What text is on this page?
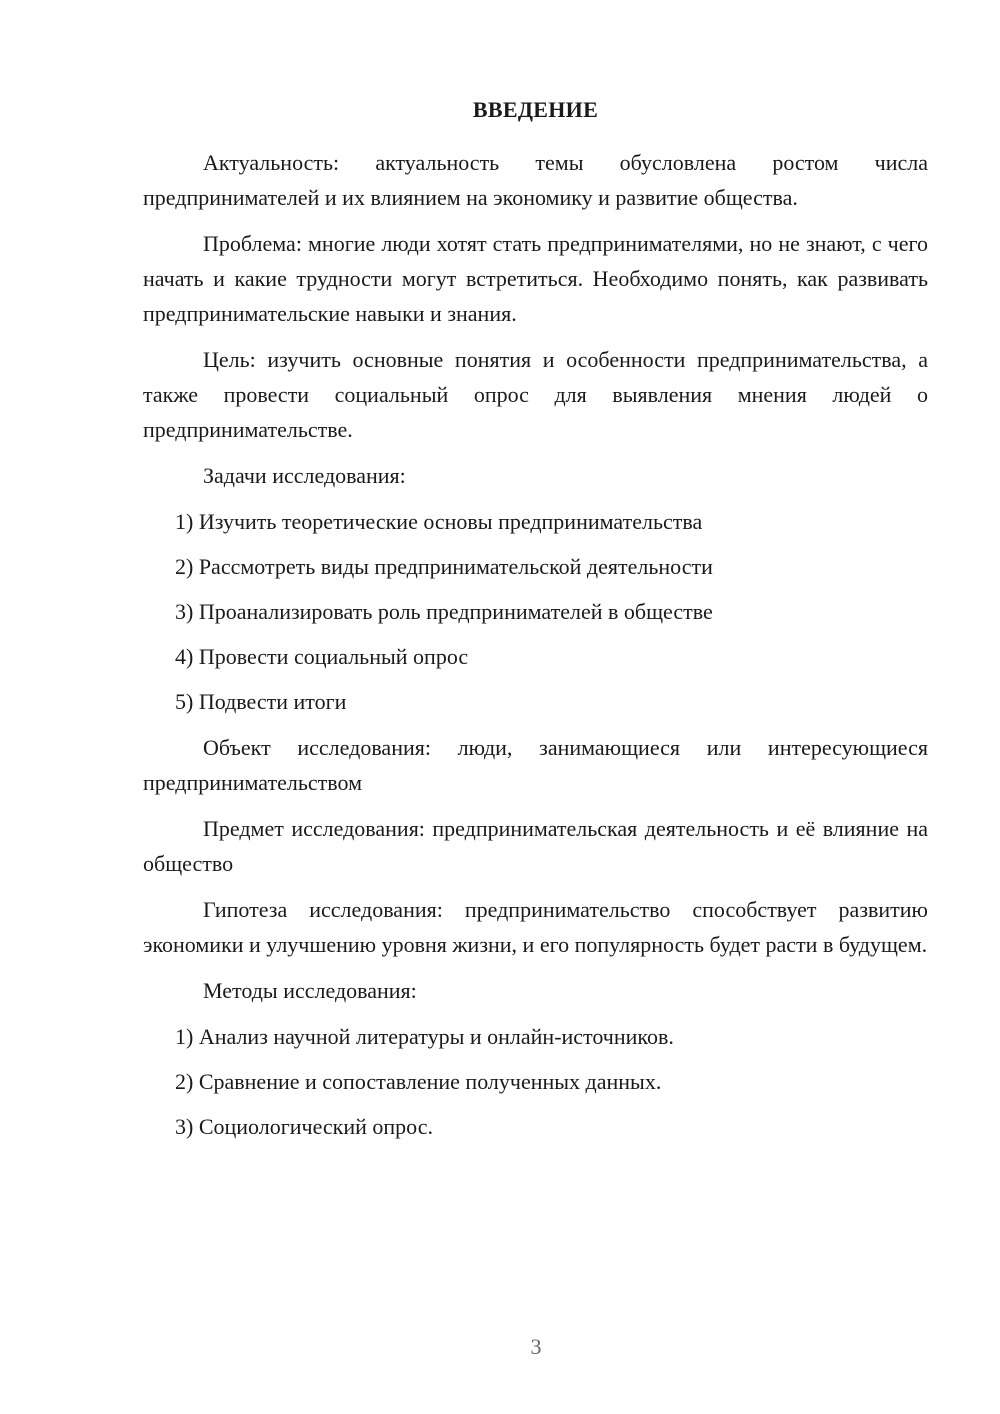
ВВЕДЕНИЕ

Актуальность: актуальность темы обусловлена ростом числа предпринимателей и их влиянием на экономику и развитие общества.

Проблема: многие люди хотят стать предпринимателями, но не знают, с чего начать и какие трудности могут встретиться. Необходимо понять, как развивать предпринимательские навыки и знания.

Цель: изучить основные понятия и особенности предпринимательства, а также провести социальный опрос для выявления мнения людей о предпринимательстве.

Задачи исследования:

1) Изучить теоретические основы предпринимательства
2) Рассмотреть виды предпринимательской деятельности
3) Проанализировать роль предпринимателей в обществе
4) Провести социальный опрос
5) Подвести итоги

Объект исследования: люди, занимающиеся или интересующиеся предпринимательством

Предмет исследования: предпринимательская деятельность и её влияние на общество

Гипотеза исследования: предпринимательство способствует развитию экономики и улучшению уровня жизни, и его популярность будет расти в будущем.

Методы исследования:

1) Анализ научной литературы и онлайн-источников.
2) Сравнение и сопоставление полученных данных.
3) Социологический опрос.
3
